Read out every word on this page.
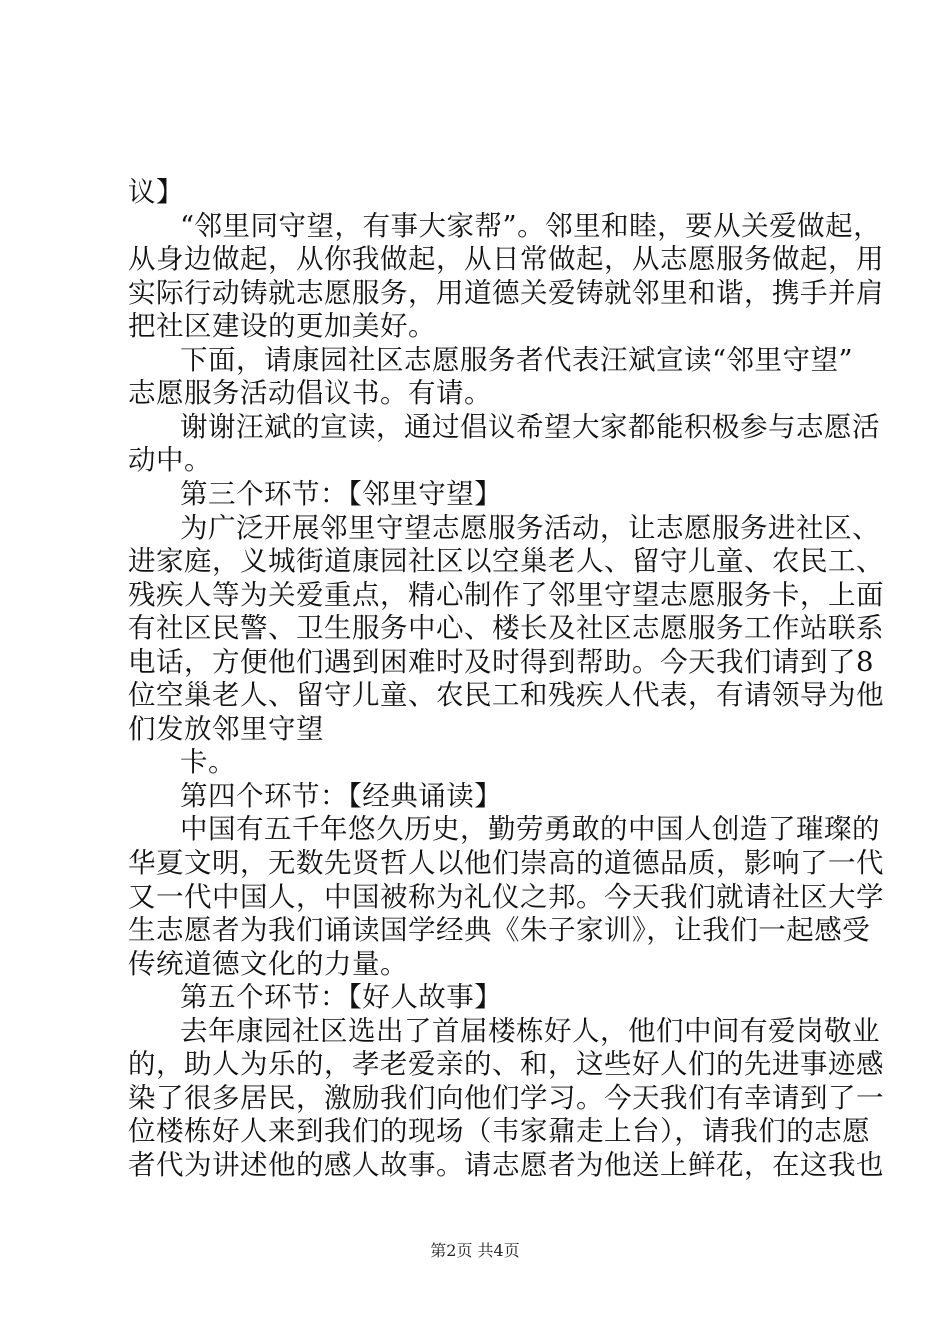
议】
“邻里同守望，有事大家帮”。邻里和睦，要从关爱做起，
从身边做起，从你我做起，从日常做起，从志愿服务做起，用
实际行动铸就志愿服务，用道德关爱铸就邻里和谐，携手并肩
把社区建设的更加美好。
下面，请康园社区志愿服务者代表汪斌宣读“邻里守望”
志愿服务活动倡议书。有请。
谢谢汪斌的宣读，通过倡议希望大家都能积极参与志愿活
动中。
第三个环节：【邻里守望】
为广泛开展邻里守望志愿服务活动，让志愿服务进社区、
进家庭，义城街道康园社区以空巢老人、留守儿童、农民工、
残疾人等为关爱重点，精心制作了邻里守望志愿服务卡，上面
有社区民警、卫生服务中心、楼长及社区志愿服务工作站联系
电话，方便他们遇到困难时及时得到帮助。今天我们请到了8
位空巢老人、留守儿童、农民工和残疾人代表，有请领导为他
们发放邻里守望
卡。
第四个环节：【经典诵读】
中国有五千年悠久历史，勤劳勇敢的中国人创造了璀璨的
华夏文明，无数先贤哲人以他们崇高的道德品质，影响了一代
又一代中国人，中国被称为礼仪之邦。今天我们就请社区大学
生志愿者为我们诵读国学经典《朱子家训》，让我们一起感受
传统道德文化的力量。
第五个环节：【好人故事】
去年康园社区选出了首届楼栋好人，他们中间有爱岗敬业
的，助人为乐的，孝老爱亲的、和，这些好人们的先进事迹感
染了很多居民，激励我们向他们学习。今天我们有幸请到了一
位楼栋好人来到我们的现场（韦家鼐走上台），请我们的志愿
者代为讲述他的感人故事。请志愿者为他送上鲜花，在这我也
第2页 共4页
